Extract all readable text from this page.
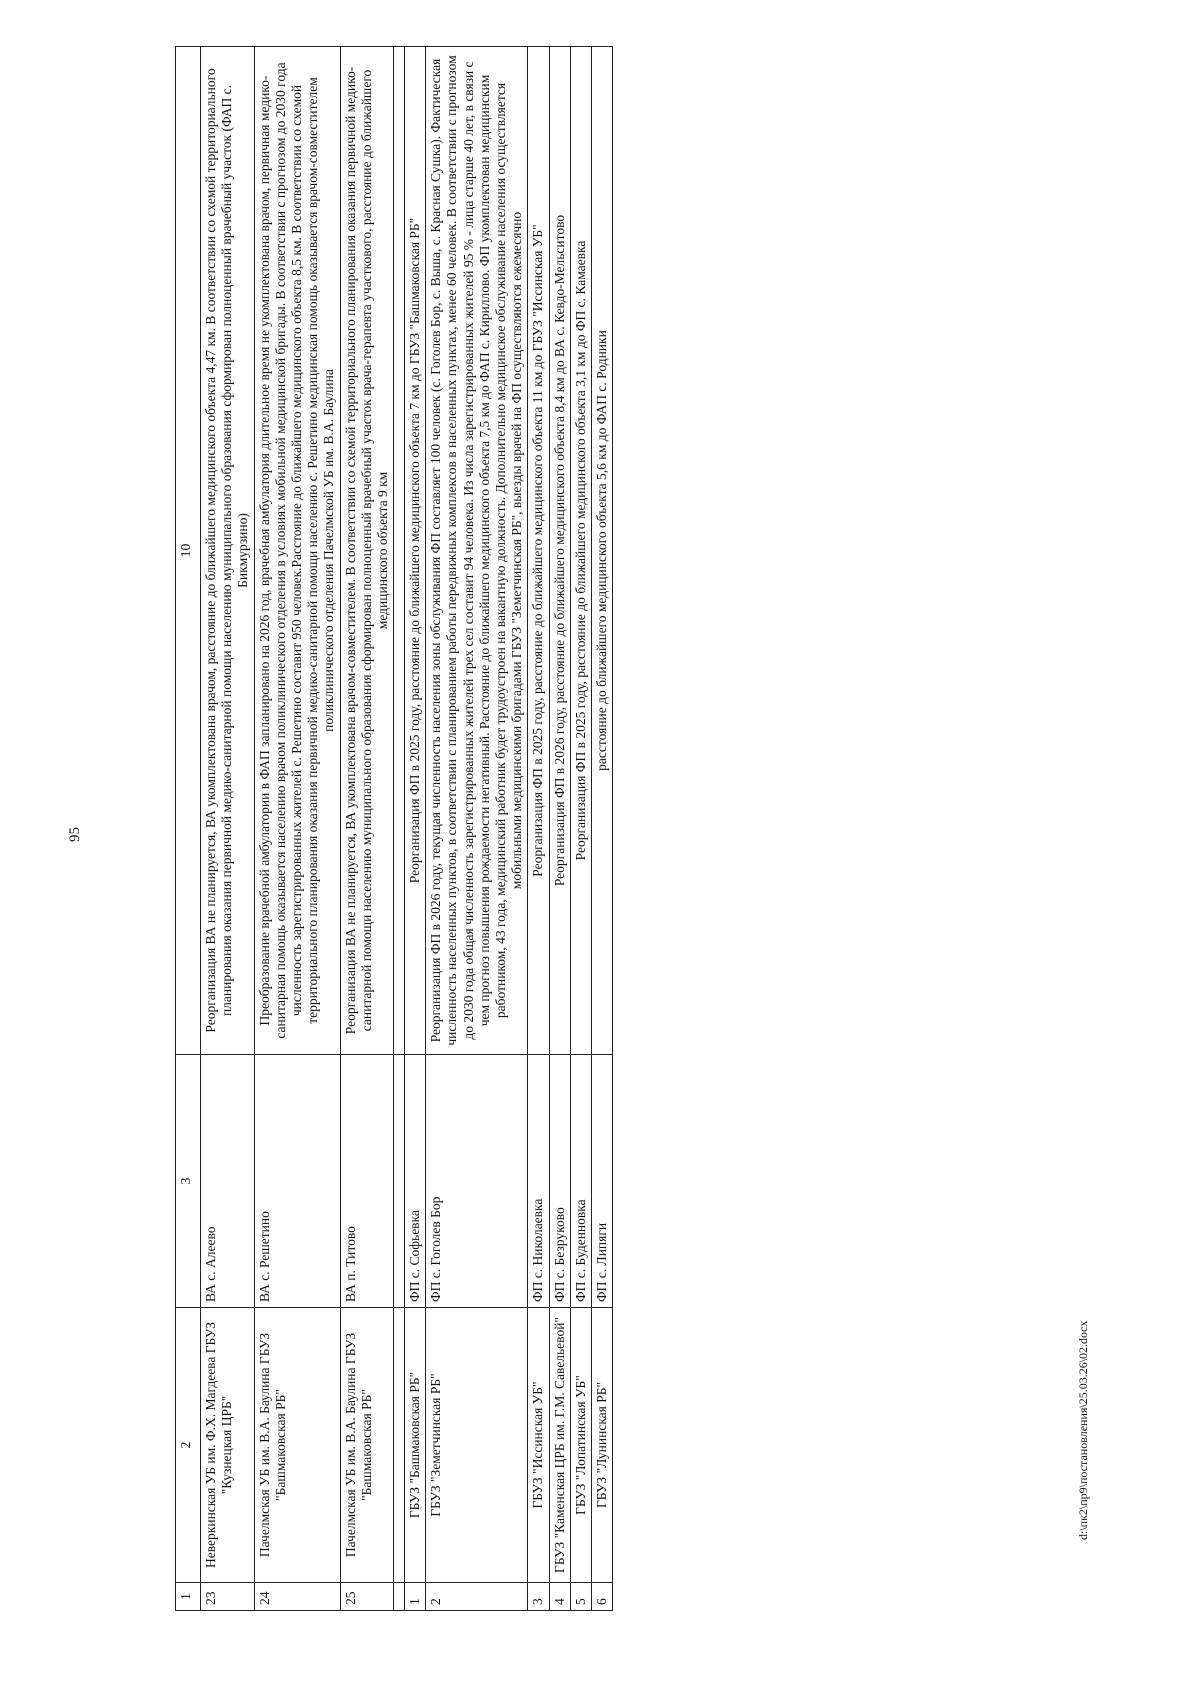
95
1	2	3	10
23	Неверкинская УБ им. Ф.Х. Магдеева ГБУЗ "Кузнецкая ЦРБ"	ВА с. Алеево	Реорганизация ВА не планируется, ВА укомплектована врачом, расстояние до ближайшего медицинского объекта 4,47 км. В соответствии со схемой территориального планирования оказания первичной медико-санитарной помощи населению муниципального образования сформирован полноценный врачебный участок (ФАП с. Бикмурзино)
24	Пачелмская УБ им. В.А. Баулина ГБУЗ "Башмаковская РБ"	ВА с. Решетино	Преобразование врачебной амбулатории в ФАП запланировано на 2026 год, врачебная амбулатория длительное время не укомплектована врачом, первичная медико-санитарная помощь оказывается населению врачом поликлинического отделения в условиях мобильной медицинской бригады. В соответствии с прогнозом до 2030 года численность зарегистрированных жителей с. Решетино составит 950 человек.Расстояние до ближайшего медицинского объекта 8,5 км. В соответствии со схемой территориального планирования оказания первичной медико-санитарной помощи населению с. Решетино медицинская помощь оказывается врачом-совместителем поликлинического отделения Пачелмской УБ им. В.А. Баулина
25	Пачелмская УБ им. В.А. Баулина ГБУЗ "Башмаковская РБ"	ВА п. Титово	Реорганизация ВА не планируется, ВА укомплектована врачом-совместителем. В соответствии со схемой территориального планирования оказания первичной медико-санитарной помощи населению муниципального образования сформирован полноценный врачебный участок врача-терапевта участкового, расстояние до ближайшего медицинского объекта 9 км

1	ГБУЗ "Башмаковская РБ"	ФП с. Софьевка	Реорганизация ФП в 2025 году, расстояние до ближайшего медицинского объекта 7 км до ГБУЗ "Башмаковская РБ"
2	ГБУЗ "Земетчинская РБ"	ФП с. Гоголев Бор	Реорганизация ФП в 2026 году, текущая численность населения зоны обслуживания ФП составляет 100 человек (с. Гоголев Бор, с. Выша, с. Красная Сушка). Фактическая численность населенных пунктов, в соответствии с планированием работы передвижных комплексов в населенных пунктах, менее 60 человек. В соответствии с прогнозом до 2030 года общая численность зарегистрированных жителей трех сел составит 94 человека. Из числа зарегистрированных жителей 95 % - лица старше 40 лет, в связи с чем прогноз повышения рождаемости негативный. Расстояние до ближайшего медицинского объекта 7,5 км до ФАП с. Кириллово. ФП укомплектован медицинским работником, 43 года, медицинский работник будет трудоустроен на вакантную должность. Дополнительно медицинское обслуживание населения осуществляется мобильными медицинскими бригадами ГБУЗ "Земетчинская РБ", выезды врачей на ФП осуществляются ежемесячно
3	ГБУЗ "Иссинская УБ"	ФП с. Николаевка	Реорганизация ФП в 2025 году, расстояние до ближайшего медицинского объекта 11 км до ГБУЗ "Иссинская УБ"
4	ГБУЗ "Каменская ЦРБ им. Г.М. Савельевой"	ФП с. Безруково	Реорганизация ФП в 2026 году, расстояние до ближайшего медицинского объекта 8,4 км до ВА с. Кевдо-Мельситово
5	ГБУЗ "Лопатинская УБ"	ФП с. Буденновка	Реорганизация ФП в 2025 году, расстояние до ближайшего медицинского объекта 3,1 км до ФП с. Камаевка
6	ГБУЗ "Лунинская РБ"	ФП с. Липяги	расстояние до ближайшего медицинского объекта 5,6 км до ФАП с. Родники
d:\пк2\пр9\постановления\25.03.26\02.docx
